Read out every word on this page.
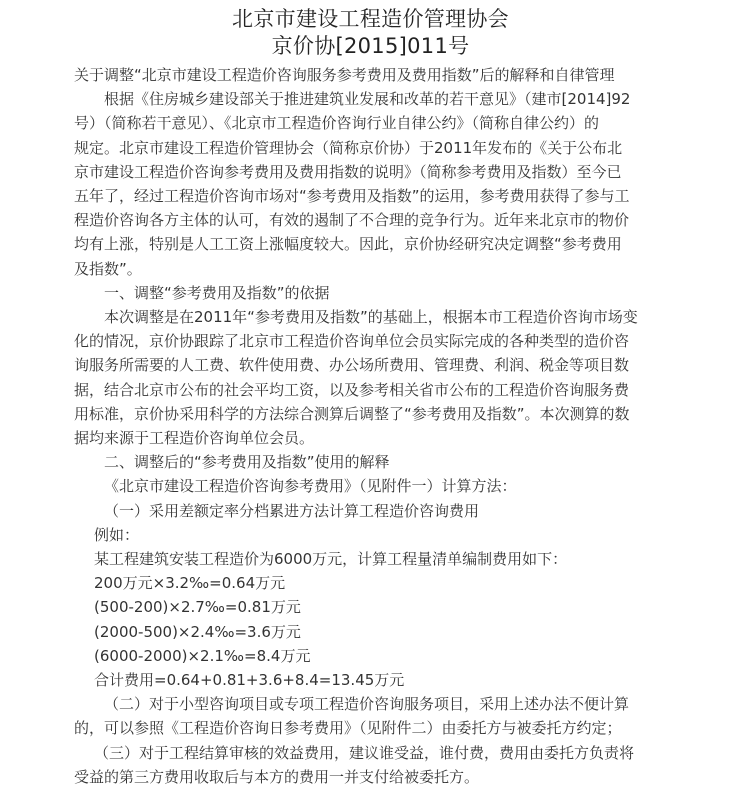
北京市建设工程造价管理协会
京价协[2015]011号

关于调整“北京市建设工程造价咨询服务参考费用及费用指数”后的解释和自律管理

根据《住房城乡建设部关于推进建筑业发展和改革的若干意见》（建市[2014]92

号）（简称若干意见）、《北京市工程造价咨询行业自律公约》（简称自律公约）的

规定。北京市建设工程造价管理协会（简称京价协）于2011年发布的《关于公布北

京市建设工程造价咨询参考费用及费用指数的说明》（简称参考费用及指数）至今已

五年了，经过工程造价咨询市场对“参考费用及指数”的运用，参考费用获得了参与工

程造价咨询各方主体的认可，有效的遏制了不合理的竞争行为。近年来北京市的物价

均有上涨，特别是人工工资上涨幅度较大。因此，京价协经研究决定调整“参考费用

及指数”。

一、调整“参考费用及指数”的依据

本次调整是在2011年“参考费用及指数”的基础上，根据本市工程造价咨询市场变

化的情况，京价协跟踪了北京市工程造价咨询单位会员实际完成的各种类型的造价咨

询服务所需要的人工费、软件使用费、办公场所费用、管理费、利润、税金等项目数

据，结合北京市公布的社会平均工资，以及参考相关省市公布的工程造价咨询服务费

用标准，京价协采用科学的方法综合测算后调整了“参考费用及指数”。本次测算的数

据均来源于工程造价咨询单位会员。

二、调整后的“参考费用及指数”使用的解释

《北京市建设工程造价咨询参考费用》（见附件一）计算方法：

（一）采用差额定率分档累进方法计算工程造价咨询费用

例如：

某工程建筑安装工程造价为6000万元，计算工程量清单编制费用如下：

200万元×3.2‰=0.64万元

(500-200)×2.7‰=0.81万元

(2000-500)×2.4‰=3.6万元

(6000-2000)×2.1‰=8.4万元

合计费用=0.64+0.81+3.6+8.4=13.45万元

（二）对于小型咨询项目或专项工程造价咨询服务项目，采用上述办法不便计算

的，可以参照《工程造价咨询日参考费用》（见附件二）由委托方与被委托方约定；

（三）对于工程结算审核的效益费用，建议谁受益，谁付费，费用由委托方负责将

受益的第三方费用收取后与本方的费用一并支付给被委托方。
